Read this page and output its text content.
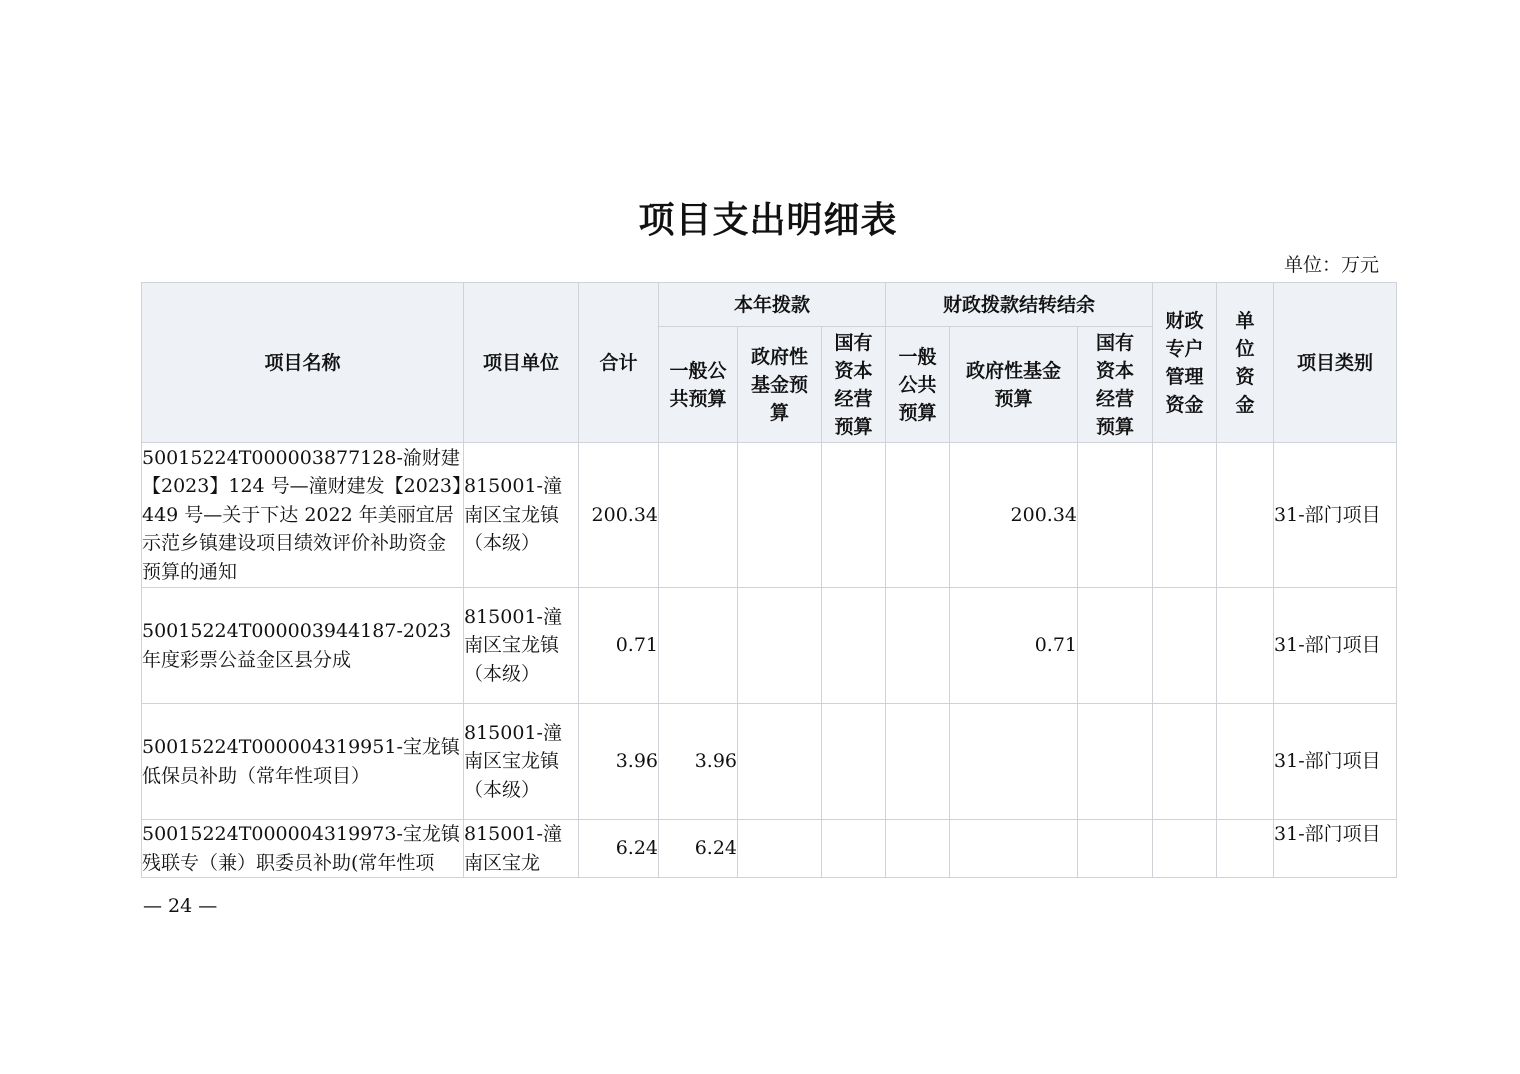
项目支出明细表
单位：万元
项目名称	项目单位	合计	本年拨款			财政拨款结转结余			财政专户管理资金	单位资金	项目类别
			一般公共预算	政府性基金预算	国有资本经营预算	一般公共预算	政府性基金预算	国有资本经营预算			
50015224T000003877128-渝财建【2023】124 号—潼财建发【2023】449 号—关于下达 2022 年美丽宜居示范乡镇建设项目绩效评价补助资金预算的通知	815001-潼南区宝龙镇（本级）	200.34					200.34				31-部门项目
50015224T000003944187-2023 年度彩票公益金区县分成	815001-潼南区宝龙镇（本级）	0.71					0.71				31-部门项目
50015224T000004319951-宝龙镇低保员补助（常年性项目）	815001-潼南区宝龙镇（本级）	3.96	3.96								31-部门项目

50015224T000004319973-宝龙镇残联专（兼）职委员补助(常年性项	815001-潼南区宝龙	6.24	6.24								31-部门项目
— 24 —
